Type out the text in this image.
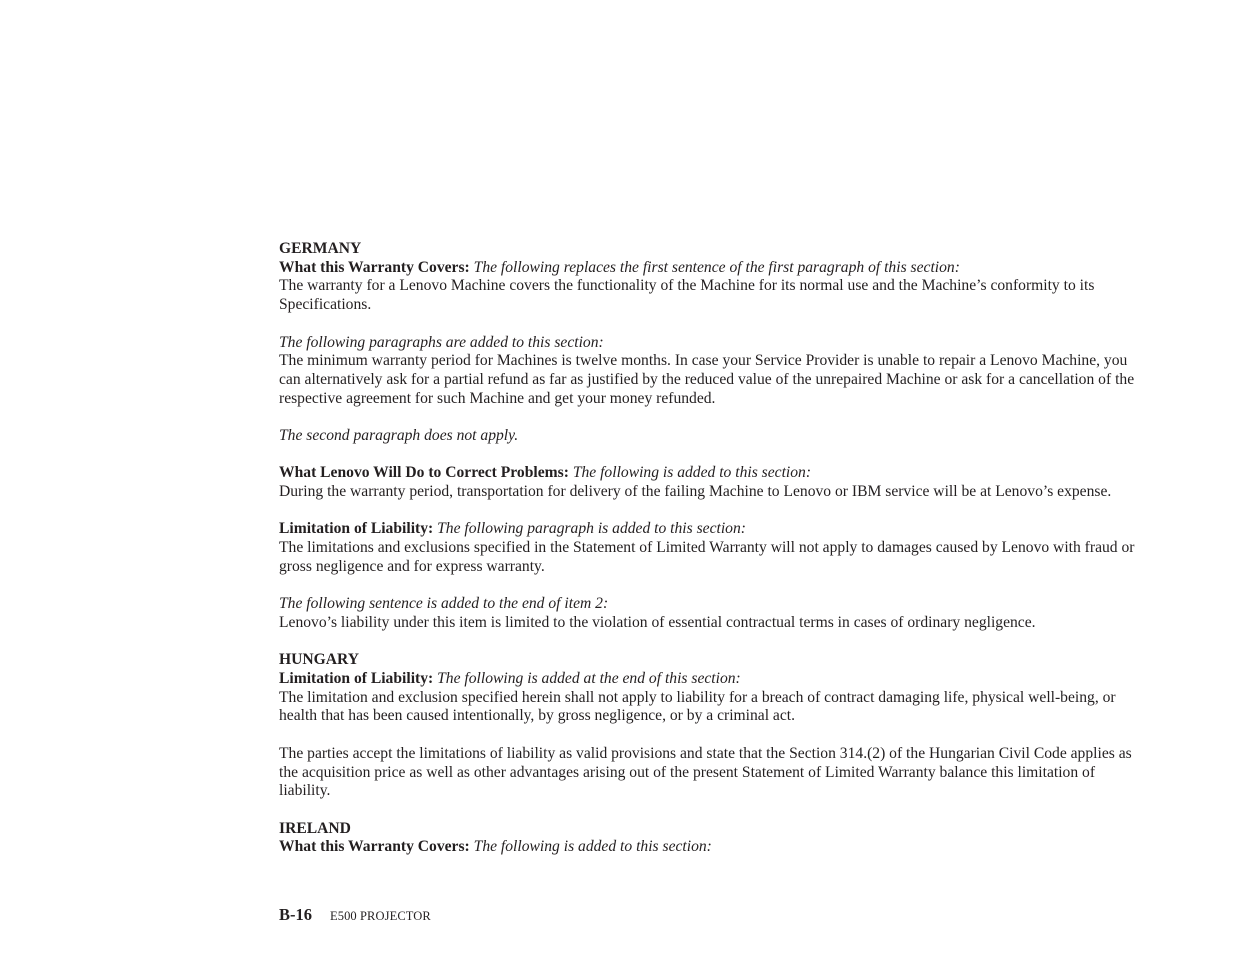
GERMANY

What this Warranty Covers: The following replaces the first sentence of the first paragraph of this section:

The warranty for a Lenovo Machine covers the functionality of the Machine for its normal use and the Machine’s conformity to its Specifications.

The following paragraphs are added to this section:

The minimum warranty period for Machines is twelve months. In case your Service Provider is unable to repair a Lenovo Machine, you can alternatively ask for a partial refund as far as justified by the reduced value of the unrepaired Machine or ask for a cancellation of the respective agreement for such Machine and get your money refunded.

The second paragraph does not apply.

What Lenovo Will Do to Correct Problems: The following is added to this section:

During the warranty period, transportation for delivery of the failing Machine to Lenovo or IBM service will be at Lenovo’s expense.

Limitation of Liability: The following paragraph is added to this section:

The limitations and exclusions specified in the Statement of Limited Warranty will not apply to damages caused by Lenovo with fraud or gross negligence and for express warranty.

The following sentence is added to the end of item 2:

Lenovo’s liability under this item is limited to the violation of essential contractual terms in cases of ordinary negligence.

HUNGARY

Limitation of Liability: The following is added at the end of this section:

The limitation and exclusion specified herein shall not apply to liability for a breach of contract damaging life, physical well-being, or health that has been caused intentionally, by gross negligence, or by a criminal act.

The parties accept the limitations of liability as valid provisions and state that the Section 314.(2) of the Hungarian Civil Code applies as the acquisition price as well as other advantages arising out of the present Statement of Limited Warranty balance this limitation of liability.

IRELAND

What this Warranty Covers: The following is added to this section:

B-16 E500 PROJECTOR
